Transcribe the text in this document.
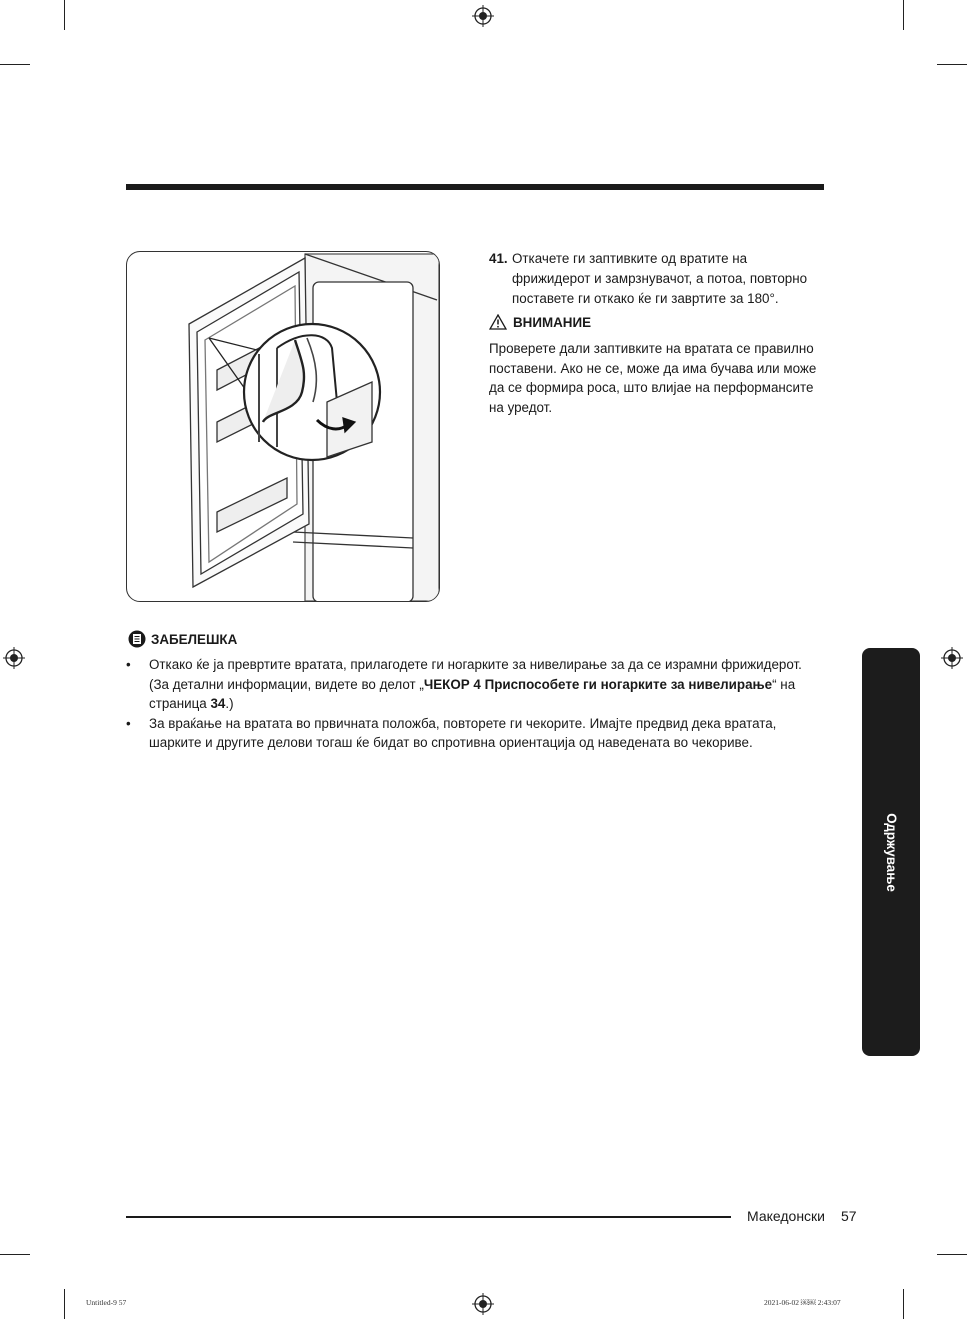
41. Откачете ги заптивките од вратите на фрижидерот и замрзнувачот, а потоа, повторно поставете ги откако ќе ги завртите за 180°.
ВНИМАНИЕ
Проверете дали заптивките на вратата се правилно поставени. Ако не се, може да има бучава или може да се формира роса, што влијае на перформансите на уредот.
ЗАБЕЛЕШКА

• Откако ќе ја превртите вратата, прилагодете ги ногарките за нивелирање за да се израмни фрижидерот.
(За детални информации, видете во делот „ЧЕКОР 4 Приспособете ги ногарките за нивелирање“ на
страница 34.)

• За враќање на вратата во првичната положба, повторете ги чекорите. Имајте предвид дека вратата, шарките и другите делови тогаш ќе бидат во спротивна ориентација од наведената во чекориве.

Одржување
Македонски 57
Untitled-9 57	2021-06-02 ￼￼ 2:43:07
